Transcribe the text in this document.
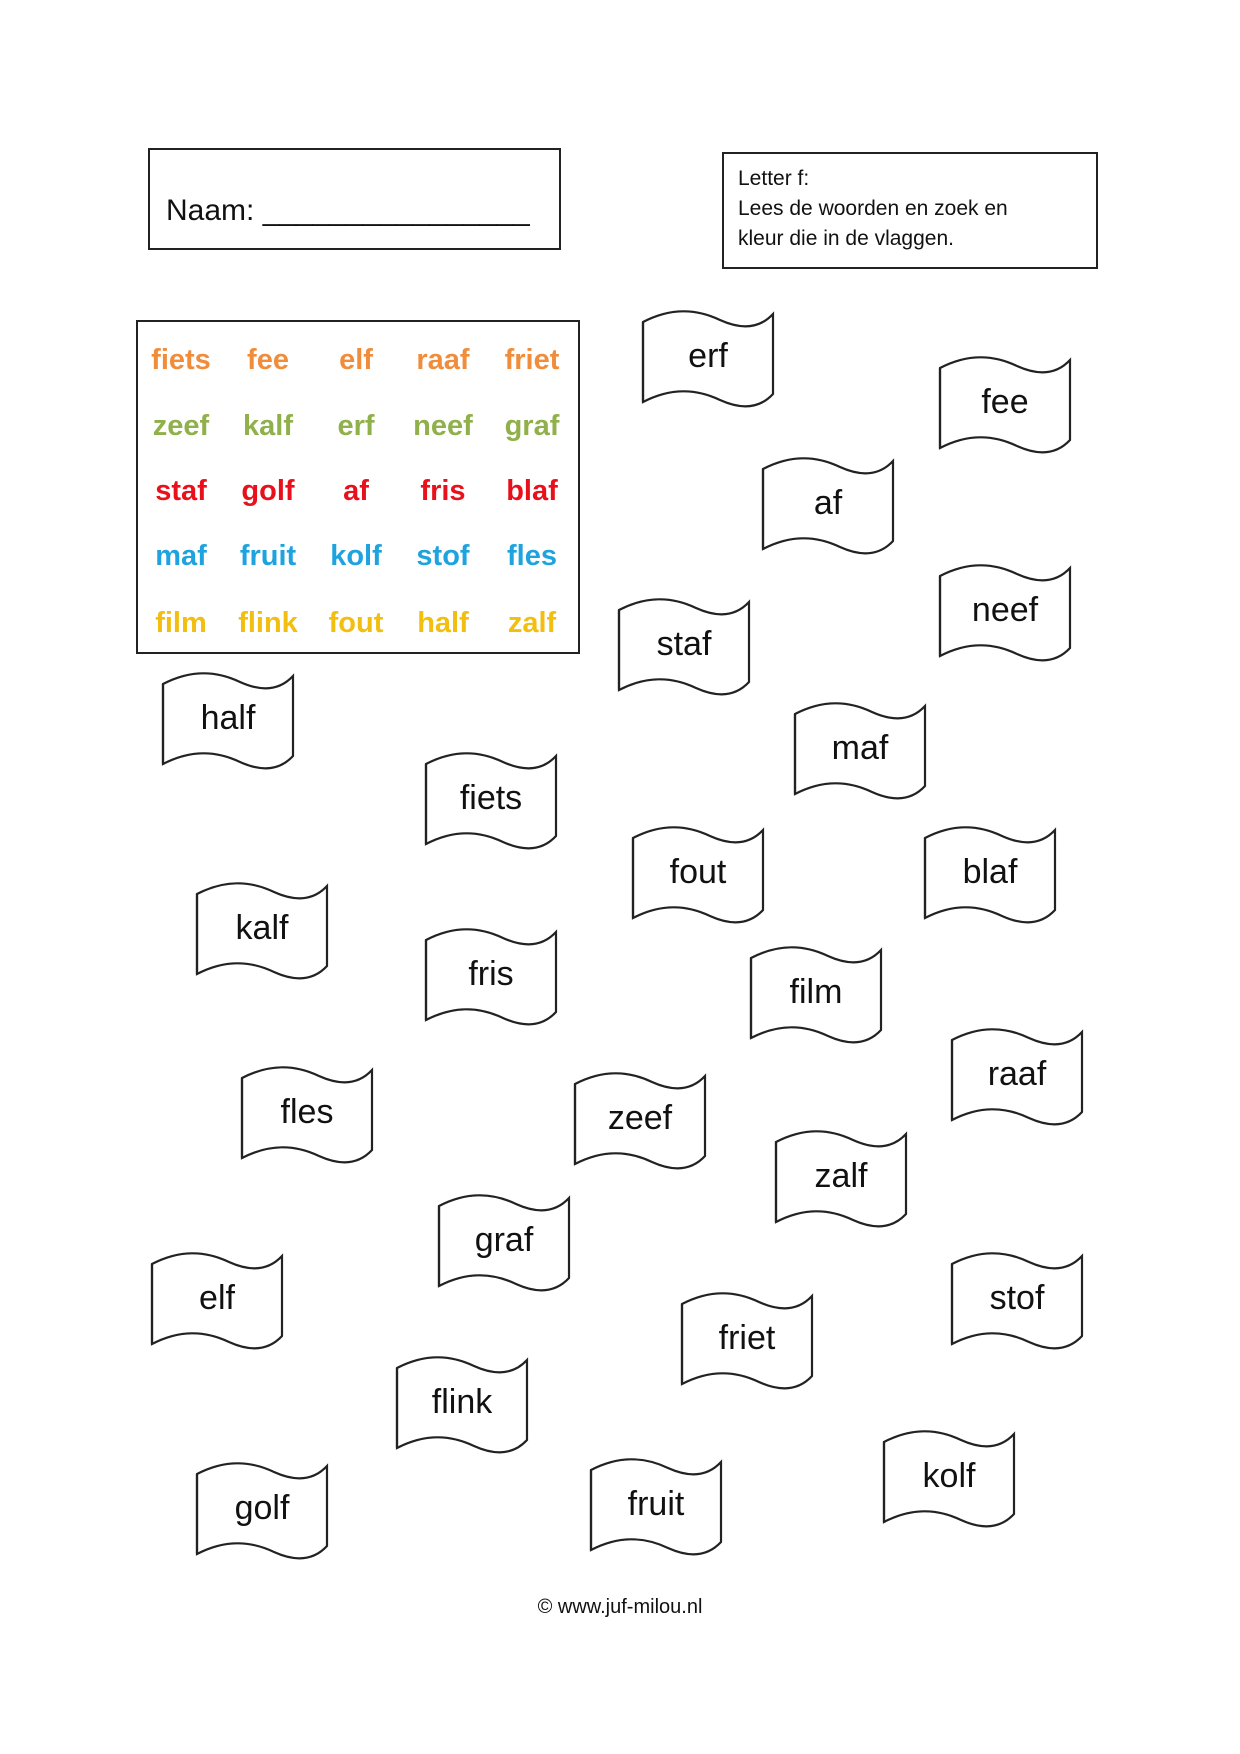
Naam: ________________
Letter f:
Lees de woorden en zoek en
kleur die in de vlaggen.
fiets	fee	elf	raaf	friet
zeef	kalf	erf	neef	graf
staf	golf	af	fris	blaf
maf	fruit	kolf	stof	fles
film	flink	fout	half	zalf
erf
fee
af
neef
staf
half
maf
fiets
fout	blaf
kalf
fris	film
raaf
fles	zeef
zalf
graf
elf	stof
friet
flink
golf	fruit
kolf
© www.juf-milou.nl
